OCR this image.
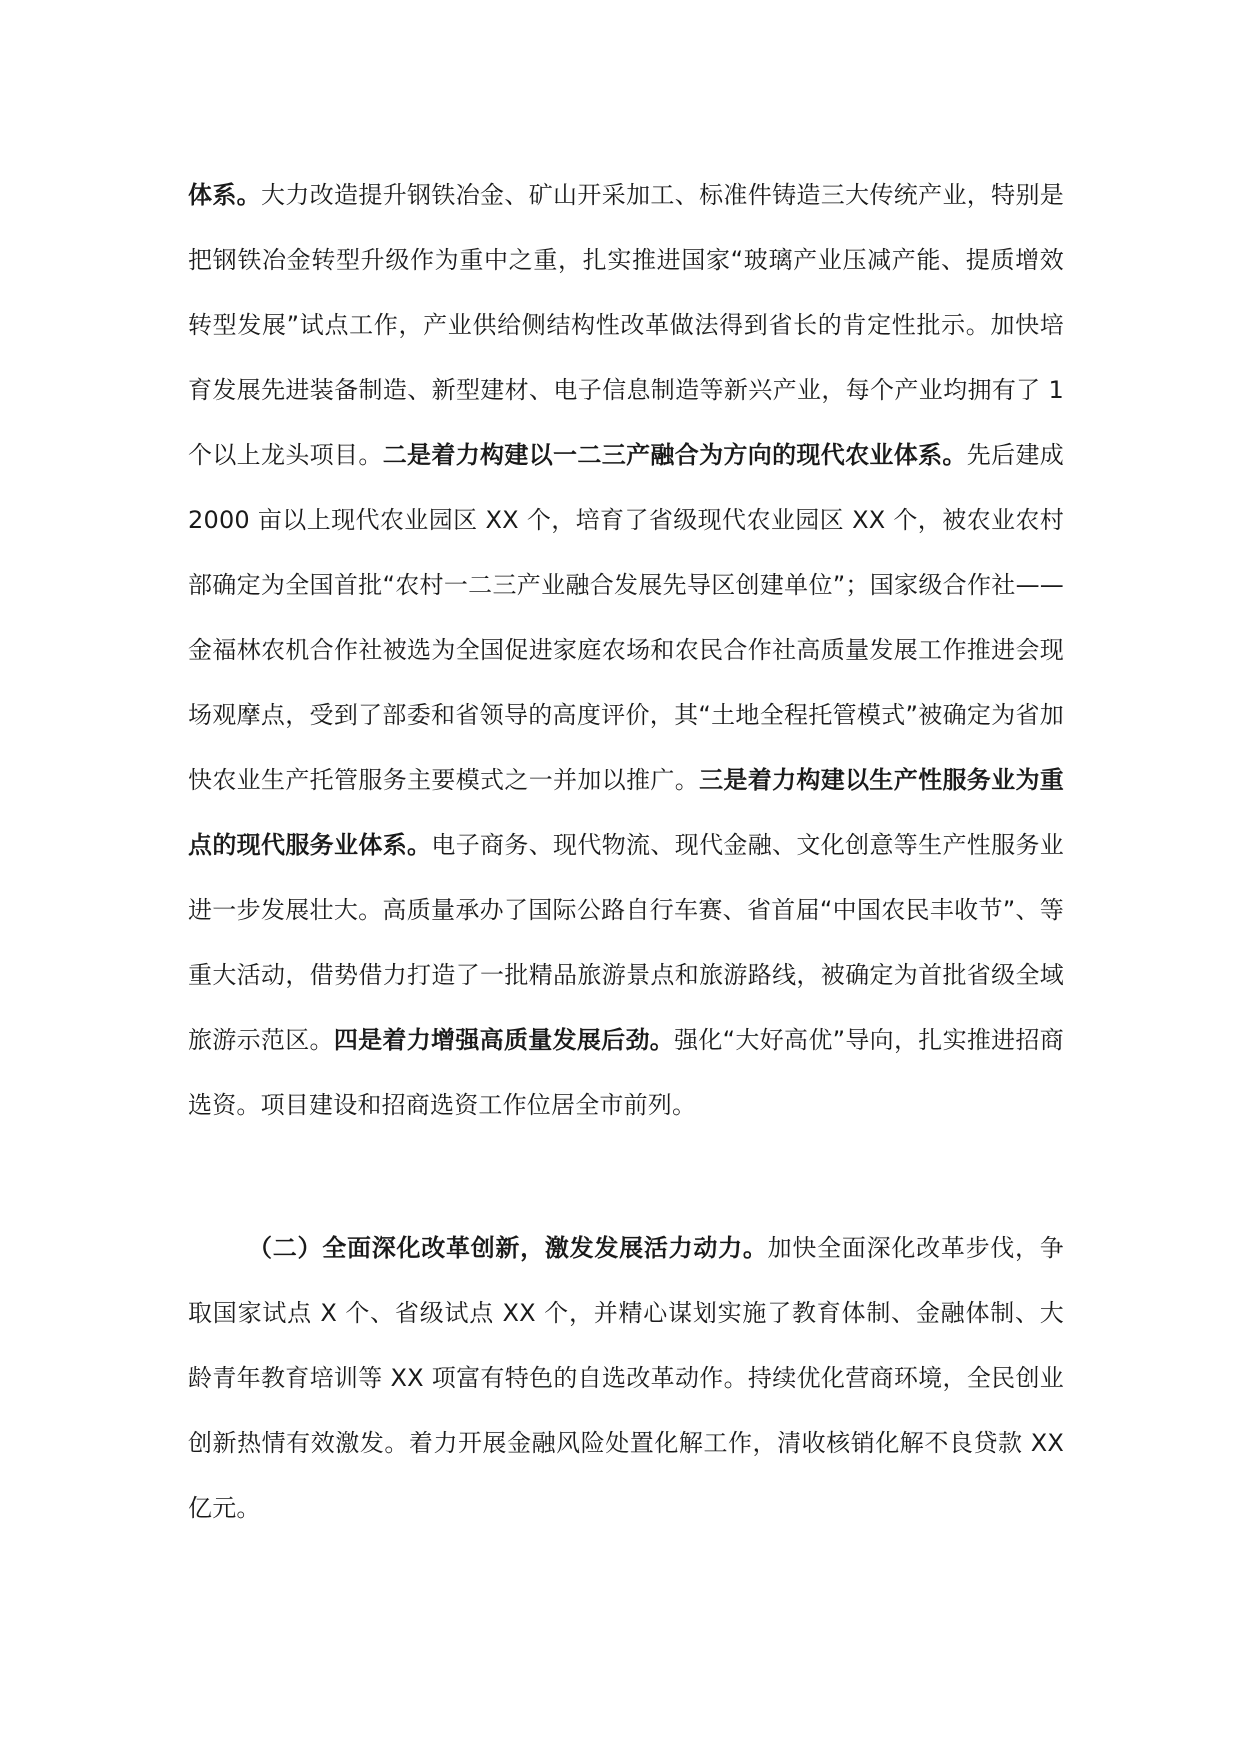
体系。大力改造提升钢铁冶金、矿山开采加工、标准件铸造三大传统产业，特别是把钢铁冶金转型升级作为重中之重，扎实推进国家“玻璃产业压减产能、提质增效转型发展”试点工作，产业供给侧结构性改革做法得到省长的肯定性批示。加快培育发展先进装备制造、新型建材、电子信息制造等新兴产业，每个产业均拥有了 1 个以上龙头项目。二是着力构建以一二三产融合为方向的现代农业体系。先后建成 2000 亩以上现代农业园区 XX 个，培育了省级现代农业园区 XX 个，被农业农村部确定为全国首批“农村一二三产业融合发展先导区创建单位”；国家级合作社——金福林农机合作社被选为全国促进家庭农场和农民合作社高质量发展工作推进会现场观摩点，受到了部委和省领导的高度评价，其“土地全程托管模式”被确定为省加快农业生产托管服务主要模式之一并加以推广。三是着力构建以生产性服务业为重点的现代服务业体系。电子商务、现代物流、现代金融、文化创意等生产性服务业进一步发展壮大。高质量承办了国际公路自行车赛、省首届“中国农民丰收节”、等重大活动，借势借力打造了一批精品旅游景点和旅游路线，被确定为首批省级全域旅游示范区。四是着力增强高质量发展后劲。强化“大好高优”导向，扎实推进招商选资。项目建设和招商选资工作位居全市前列。
（二）全面深化改革创新，激发发展活力动力。加快全面深化改革步伐，争取国家试点 X 个、省级试点 XX 个，并精心谋划实施了教育体制、金融体制、大龄青年教育培训等 XX 项富有特色的自选改革动作。持续优化营商环境，全民创业创新热情有效激发。着力开展金融风险处置化解工作，清收核销化解不良贷款 XX 亿元。
